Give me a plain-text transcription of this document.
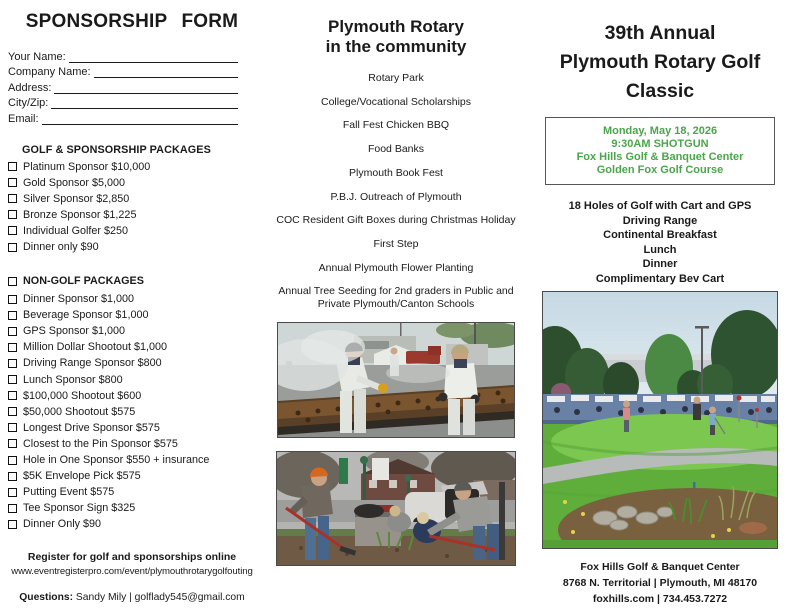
SPONSORSHIP FORM
Your Name:
Company Name:
Address:
City/Zip:
Email:
GOLF & SPONSORSHIP PACKAGES
Platinum Sponsor $10,000
Gold Sponsor $5,000
Silver Sponsor $2,850
Bronze Sponsor $1,225
Individual Golfer $250
Dinner only $90
NON-GOLF PACKAGES
Dinner Sponsor $1,000
Beverage Sponsor $1,000
GPS Sponsor $1,000
Million Dollar Shootout $1,000
Driving Range Sponsor $800
Lunch Sponsor $800
$100,000 Shootout $600
$50,000 Shootout $575
Longest Drive Sponsor $575
Closest to the Pin Sponsor $575
Hole in One Sponsor $550 + insurance
$5K Envelope Pick $575
Putting Event $575
Tee Sponsor Sign $325
Dinner Only $90
Register for golf and sponsorships online
www.eventregisterpro.com/event/plymouthrotarygolfouting
Questions: Sandy Mily | golflady545@gmail.com
Plymouth Rotary
in the community
Rotary Park
College/Vocational Scholarships
Fall Fest Chicken BBQ
Food Banks
Plymouth Book Fest
P.B.J. Outreach of Plymouth
COC Resident Gift Boxes during Christmas Holiday
First Step
Annual Plymouth Flower Planting
Annual Tree Seeding for 2nd graders in Public and Private Plymouth/Canton Schools
39th Annual
Plymouth Rotary Golf
Classic
Monday, May 18, 2026
9:30AM SHOTGUN
Fox Hills Golf & Banquet Center
Golden Fox Golf Course
18 Holes of Golf with Cart and GPS
Driving Range
Continental Breakfast
Lunch
Dinner
Complimentary Bev Cart
Fox Hills Golf & Banquet Center
8768 N. Territorial | Plymouth, MI 48170
foxhills.com | 734.453.7272
